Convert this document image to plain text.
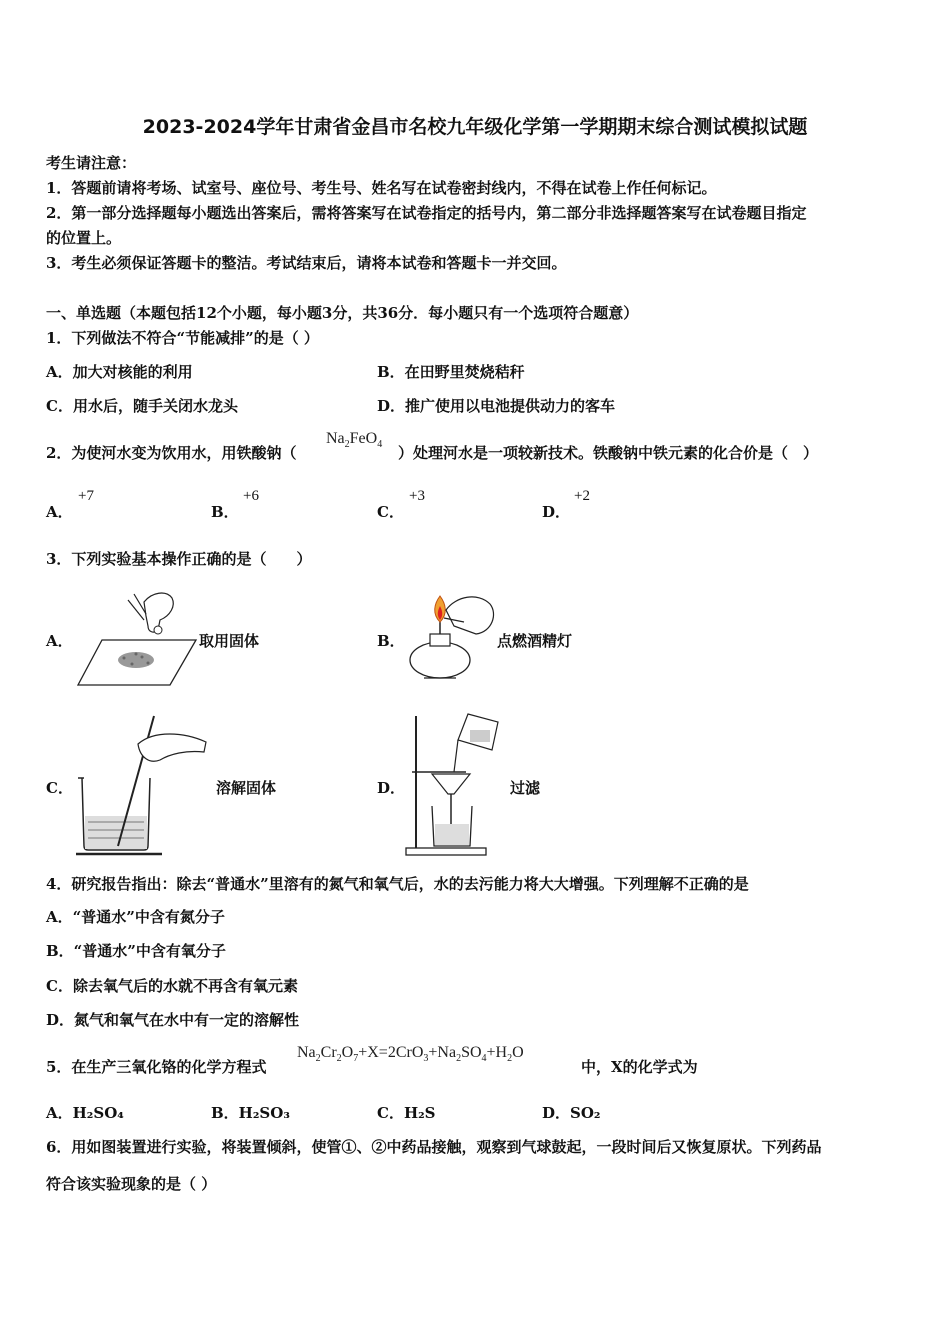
2023-2024学年甘肃省金昌市名校九年级化学第一学期期末综合测试模拟试题
考生请注意：
1．答题前请将考场、试室号、座位号、考生号、姓名写在试卷密封线内，不得在试卷上作任何标记。
2．第一部分选择题每小题选出答案后，需将答案写在试卷指定的括号内，第二部分非选择题答案写在试卷题目指定
的位置上。
3．考生必须保证答题卡的整洁。考试结束后，请将本试卷和答题卡一并交回。
一、单选题（本题包括12个小题，每小题3分，共36分．每小题只有一个选项符合题意）
1．下列做法不符合“节能减排”的是（ ）
A．加大对核能的利用	B．在田野里焚烧秸秆
C．用水后，随手关闭水龙头	D．推广使用以电池提供动力的客车
2．为使河水变为饮用水，用铁酸钠（
$Na_2FeO_4$ ）处理河水是一项较新技术。铁酸钠中铁元素的化合价是（　）
A．
+7
B．
+6
C．
+3
D．
+2
3．下列实验基本操作正确的是（　　）
A．	取用固体	B．	点燃酒精灯
C．	溶解固体	D．	过滤
4．研究报告指出：除去“普通水”里溶有的氮气和氧气后，水的去污能力将大大增强。下列理解不正确的是
A．“普通水”中含有氮分子
B．“普通水”中含有氧分子
C．除去氧气后的水就不再含有氧元素
D．氮气和氧气在水中有一定的溶解性
5．在生产三氧化铬的化学方程式
$Na_2Cr_2O_7+X=2CrO_3+Na_2SO_4+H_2O$
中，X的化学式为
A．H₂SO₄	B．H₂SO₃	C．H₂S	D．SO₂
6．用如图装置进行实验，将装置倾斜，使管①、②中药品接触，观察到气球鼓起，一段时间后又恢复原状。下列药品
符合该实验现象的是（ ）
